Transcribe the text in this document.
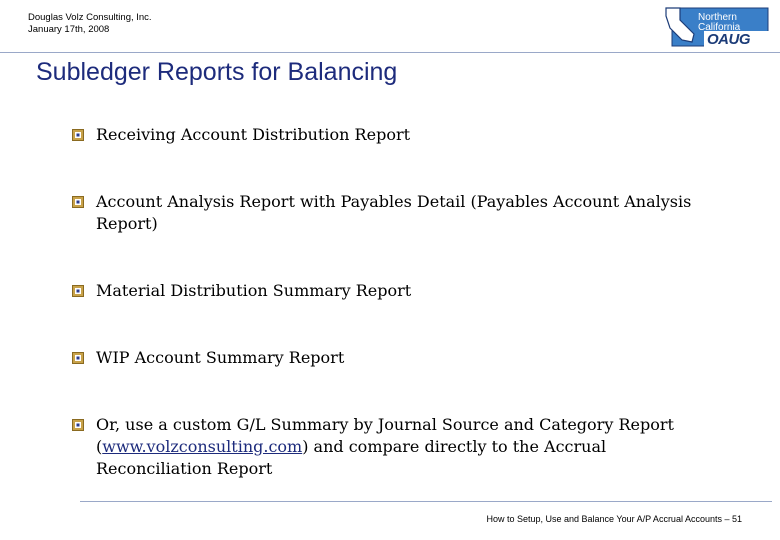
Douglas Volz Consulting, Inc.
January 17th, 2008
Northern
California
OAUG
Subledger Reports for Balancing
Receiving Account Distribution Report
Account Analysis Report with Payables Detail (Payables Account Analysis Report)
Material Distribution Summary Report
WIP Account Summary Report
Or, use a custom G/L Summary by Journal Source and Category Report (www.volzconsulting.com) and compare directly to the Accrual Reconciliation Report
How to Setup, Use and Balance Your A/P Accrual Accounts – 51
